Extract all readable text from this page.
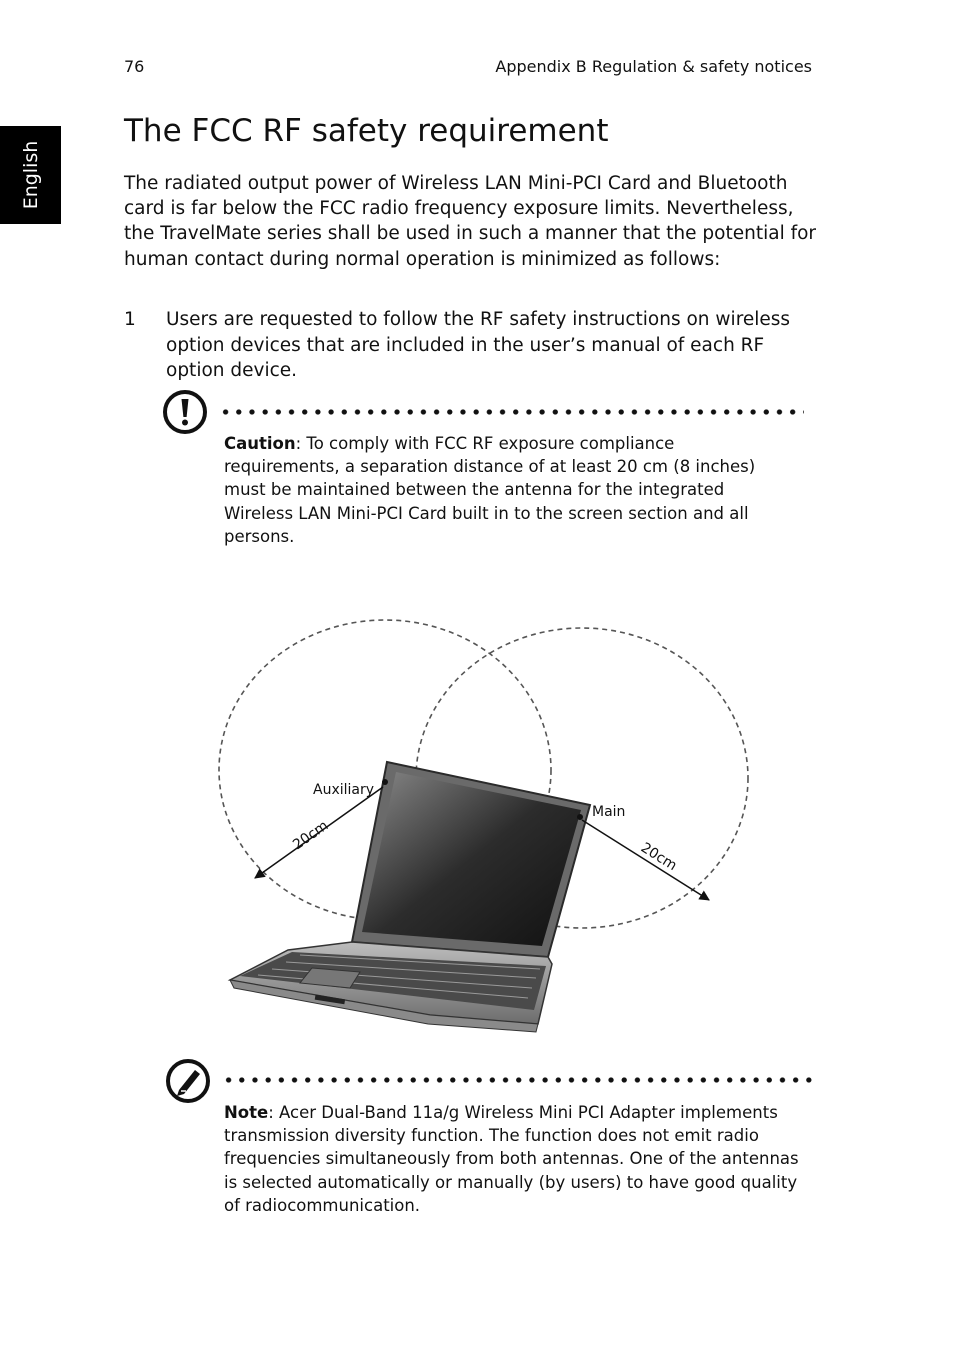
76	Appendix B Regulation & safety notices
English
The FCC RF safety requirement

The radiated output power of Wireless LAN Mini-PCI Card and Bluetooth card is far below the FCC radio frequency exposure limits. Nevertheless, the TravelMate series shall be used in such a manner that the potential for human contact during normal operation is minimized as follows:

1 Users are requested to follow the RF safety instructions on wireless option devices that are included in the user’s manual of each RF option device.

Caution: To comply with FCC RF exposure compliance requirements, a separation distance of at least 20 cm (8 inches) must be maintained between the antenna for the integrated Wireless LAN Mini-PCI Card built in to the screen section and all persons.

Auxiliary
Main
20cm
20cm

Note: Acer Dual-Band 11a/g Wireless Mini PCI Adapter implements transmission diversity function. The function does not emit radio frequencies simultaneously from both antennas. One of the antennas is selected automatically or manually (by users) to have good quality of radiocommunication.
